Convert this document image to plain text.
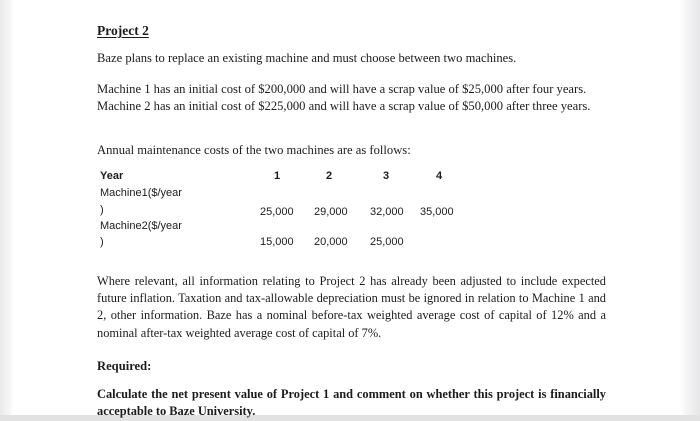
Project 2

Baze plans to replace an existing machine and must choose between two machines.

Machine 1 has an initial cost of $200,000 and will have a scrap value of $25,000 after four years. Machine 2 has an initial cost of $225,000 and will have a scrap value of $50,000 after three years.

Annual maintenance costs of the two machines are as follows:

Year	1	2	3	4
Machine1($/year
)	25,000 29,000 32,000 35,000
Machine2($/year
)	15,000 20,000 25,000

Where relevant, all information relating to Project 2 has already been adjusted to include expected future inflation. Taxation and tax-allowable depreciation must be ignored in relation to Machine 1 and 2, other information. Baze has a nominal before-tax weighted average cost of capital of 12% and a nominal after-tax weighted average cost of capital of 7%.

Required:

Calculate the net present value of Project 1 and comment on whether this project is financially acceptable to Baze University.
